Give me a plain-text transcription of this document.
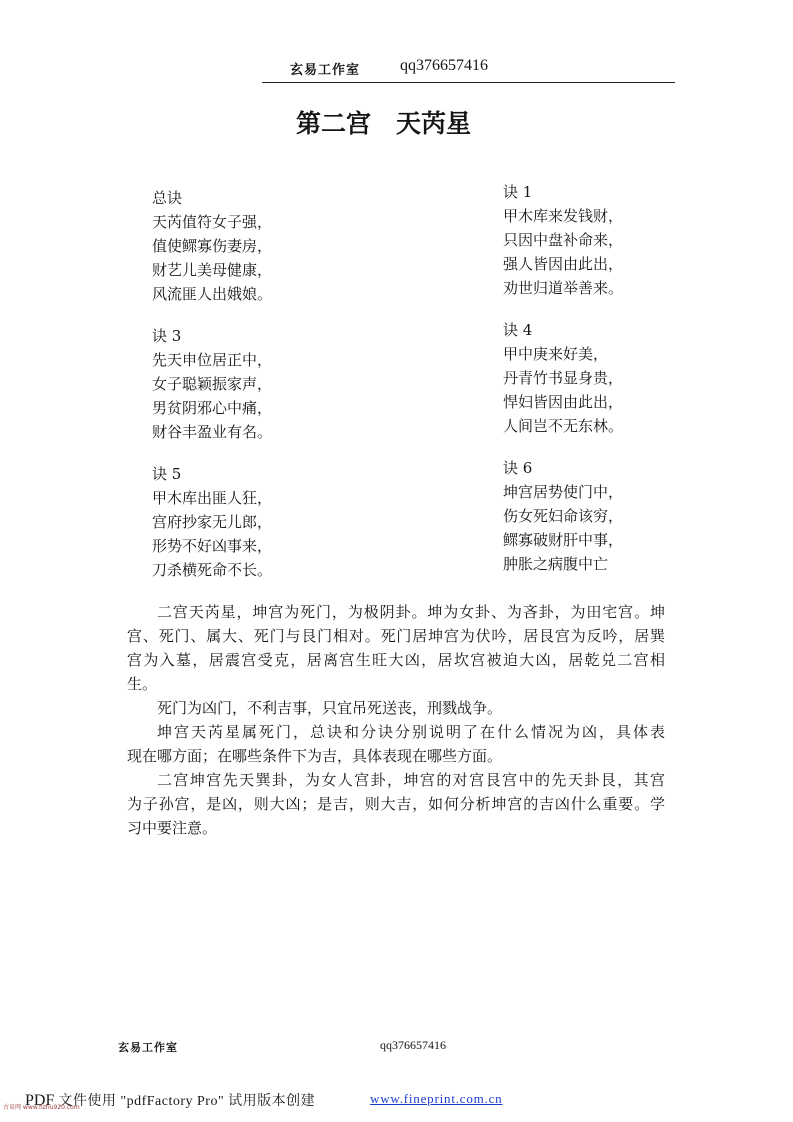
玄易工作室 qq376657416
第二宫　天芮星
总诀
天芮值符女子强，
值使鳏寡伤妻房，
财艺儿美母健康，
风流匪人出娥娘。
诀 3
先天申位居正中，
女子聪颖振家声，
男贫阴邪心中痛，
财谷丰盈业有名。
诀 5
甲木库出匪人狂，
宫府抄家无儿郎，
形势不好凶事来，
刀杀横死命不长。
诀 1
甲木库来发钱财，
只因中盘补命来，
强人皆因由此出，
劝世归道举善来。
诀 4
甲中庚来好美，
丹青竹书显身贵，
悍妇皆因由此出，
人间岂不无东林。
诀 6
坤宫居势使门中，
伤女死妇命该穷，
鳏寡破财肝中事，
肿胀之病腹中亡
二宫天芮星，坤宫为死门，为极阴卦。坤为女卦、为吝卦，为田宅宫。坤
宫、死门、属大、死门与艮门相对。死门居坤宫为伏吟，居艮宫为反吟，居巽
宫为入墓，居震宫受克，居离宫生旺大凶，居坎宫被迫大凶，居乾兑二宫相
生。
死门为凶门，不利吉事，只宜吊死送丧，刑戮战争。
坤宫天芮星属死门，总诀和分诀分别说明了在什么情况为凶，具体表
现在哪方面；在哪些条件下为吉，具体表现在哪些方面。
二宫坤宫先天巽卦，为女人宫卦，坤宫的对宫艮宫中的先天卦艮，其宫
为子孙宫，是凶，则大凶；是吉，则大吉，如何分析坤宫的吉凶什么重要。学
习中要注意。
玄易工作室	qq376657416
PDF 文件使用 "pdfFactory Pro" 试用版本创建	www.fineprint.com.cn
古易网 www.fizhu920.com
